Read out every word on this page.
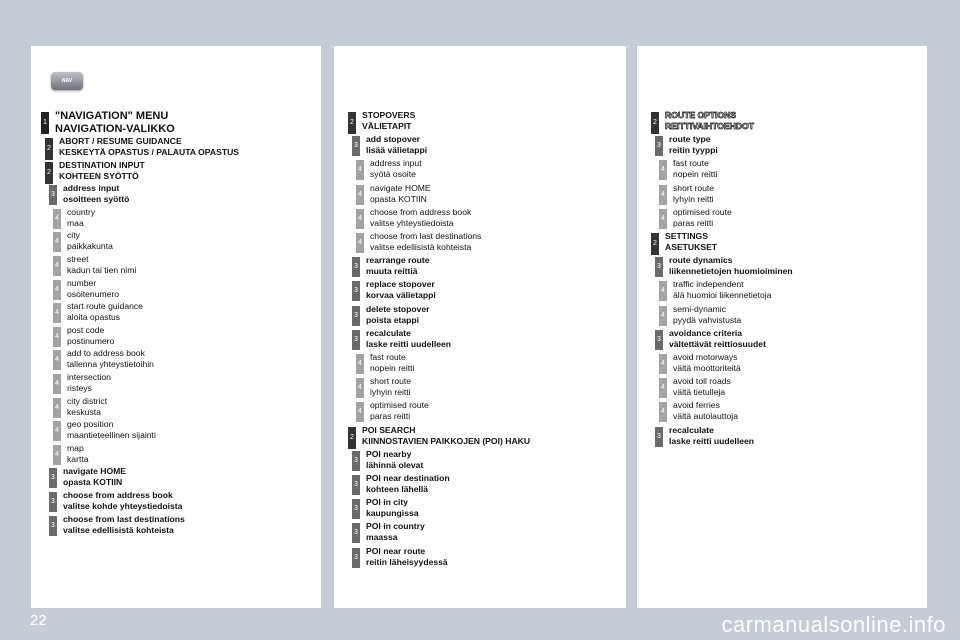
NAV
1
"NAVIGATION" MENU
NAVIGATION-VALIKKO
2
ABORT / RESUME GUIDANCE
KESKEYTÄ OPASTUS / PALAUTA OPASTUS
2
DESTINATION INPUT
KOHTEEN SYÖTTÖ
3
address input
osoitteen syöttö
4
country
maa
4
city
paikkakunta
4
street
kadun tai tien nimi
4
number
osoitenumero
4
start route guidance
aloita opastus
4
post code
postinumero
4
add to address book
tallenna yhteystietoihin
4
intersection
risteys
4
city district
keskusta
4
geo position
maantieteellinen sijainti
4
map
kartta
3
navigate HOME
opasta KOTIIN
3
choose from address book
valitse kohde yhteystiedoista
3
choose from last destinations
valitse edellisistä kohteista
2
STOPOVERS
VÄLIETAPIT
3
add stopover
lisää välietappi
4
address input
syötä osoite
4
navigate HOME
opasta KOTIIN
4
choose from address book
valitse yhteystiedoista
4
choose from last destinations
valitse edellisistä kohteista
3
rearrange route
muuta reittiä
3
replace stopover
korvaa välietappi
3
delete stopover
poista etappi
3
recalculate
laske reitti uudelleen
4
fast route
nopein reitti
4
short route
lyhyin reitti
4
optimised route
paras reitti
2
POI SEARCH
KIINNOSTAVIEN PAIKKOJEN (POI) HAKU
3
POI nearby
lähinnä olevat
3
POI near destination
kohteen lähellä
3
POI in city
kaupungissa
3
POI in country
maassa
3
POI near route
reitin läheisyydessä
2
ROUTE OPTIONS
REITTIVAIHTOEHDOT
3
route type
reitin tyyppi
4
fast route
nopein reitti
4
short route
lyhyin reitti
4
optimised route
paras reitti
2
SETTINGS
ASETUKSET
3
route dynamics
liikennetietojen huomioiminen
4
traffic independent
älä huomioi liikennetietoja
4
semi-dynamic
pyydä vahvistusta
3
avoidance criteria
vältettävät reittiosuudet
4
avoid motorways
vältä moottoriteitä
4
avoid toll roads
vältä tietulleja
4
avoid ferries
vältä autolauttoja
3
recalculate
laske reitti uudelleen
22	carmanualsonline.info
